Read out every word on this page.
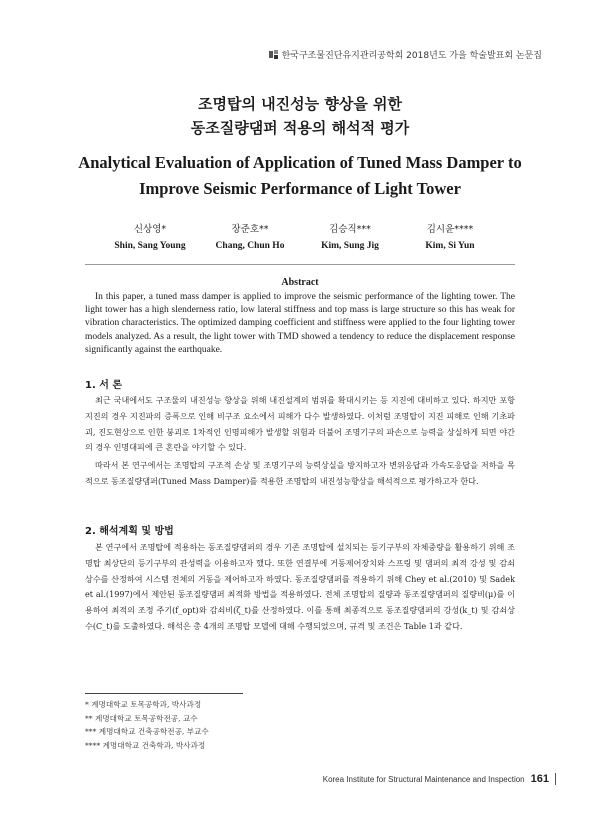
한국구조물진단유지관리공학회 2018년도 가을 학술발표회 논문집
조명탑의 내진성능 향상을 위한
동조질량댐퍼 적용의 해석적 평가
Analytical Evaluation of Application of Tuned Mass Damper to
Improve Seismic Performance of Light Tower
신상영*
Shin, Sang Young
장준호**
Chang, Chun Ho
김승직***
Kim, Sung Jig
김시윤****
Kim, Si Yun
Abstract
In this paper, a tuned mass damper is applied to improve the seismic performance of the lighting tower. The light tower has a high slenderness ratio, low lateral stiffness and top mass is large structure so this has weak for vibration characteristics. The optimized damping coefficient and stiffness were applied to the four lighting tower models analyzed. As a result, the light tower with TMD showed a tendency to reduce the displacement response significantly against the earthquake.
1. 서 론
최근 국내에서도 구조물의 내진성능 향상을 위해 내진설계의 범위를 확대시키는 등 지진에 대비하고 있다. 하지만 포항 지진의 경우 지진파의 증폭으로 인해 비구조 요소에서 피해가 다수 발생하였다. 이처럼 조명탑이 지진 피해로 인해 기초파괴, 진도현상으로 인한 붕괴로 1차적인 인명피해가 발생할 위험과 더불어 조명기구의 파손으로 능력을 상실하게 되면 야간의 경우 인명대피에 큰 혼란을 야기할 수 있다.
따라서 본 연구에서는 조명탑의 구조적 손상 및 조명기구의 능력상실을 방지하고자 변위응답과 가속도응답을 저하을 목적으로 동조질량댐퍼(Tuned Mass Damper)를 적용한 조명탑의 내진성능향상을 해석적으로 평가하고자 한다.
2. 해석계획 및 방법
본 연구에서 조명탑에 적용하는 동조질량댐퍼의 경우 기존 조명탑에 설치되는 등기구부의 자체중량을 활용하기 위해 조명탑 최상단의 등기구부의 관성력을 이용하고자 했다. 또한 연결부에 거동제어장치와 스프링 및 댐퍼의 최적 강성 및 감쇠상수를 산정하여 시스템 전체의 거동을 제어하고자 하였다. 동조질량댐퍼를 적용하기 위해 Chey et al.(2010) 및 Sadek et al.(1997)에서 제안된 동조질량댐퍼 최적화 방법을 적용하였다. 전체 조명탑의 질량과 동조질량댐퍼의 질량비(μ)를 이용하여 최적의 조정 주기(f_opt)와 감쇠비(ζ_t)를 산정하였다. 이를 통해 최종적으로 동조질량댐퍼의 강성(k_t) 및 감쇠상수(C_t)를 도출하였다. 해석은 총 4개의 조명탑 모델에 대해 수행되었으며, 규격 및 조건은 Table 1과 같다.
* 계명대학교 토목공학과, 박사과정
** 계명대학교 토목공학전공, 교수
*** 계명대학교 건축공학전공, 부교수
**** 계명대학교 건축학과, 박사과정
Korea Institute for Structural Maintenance and Inspection 161
